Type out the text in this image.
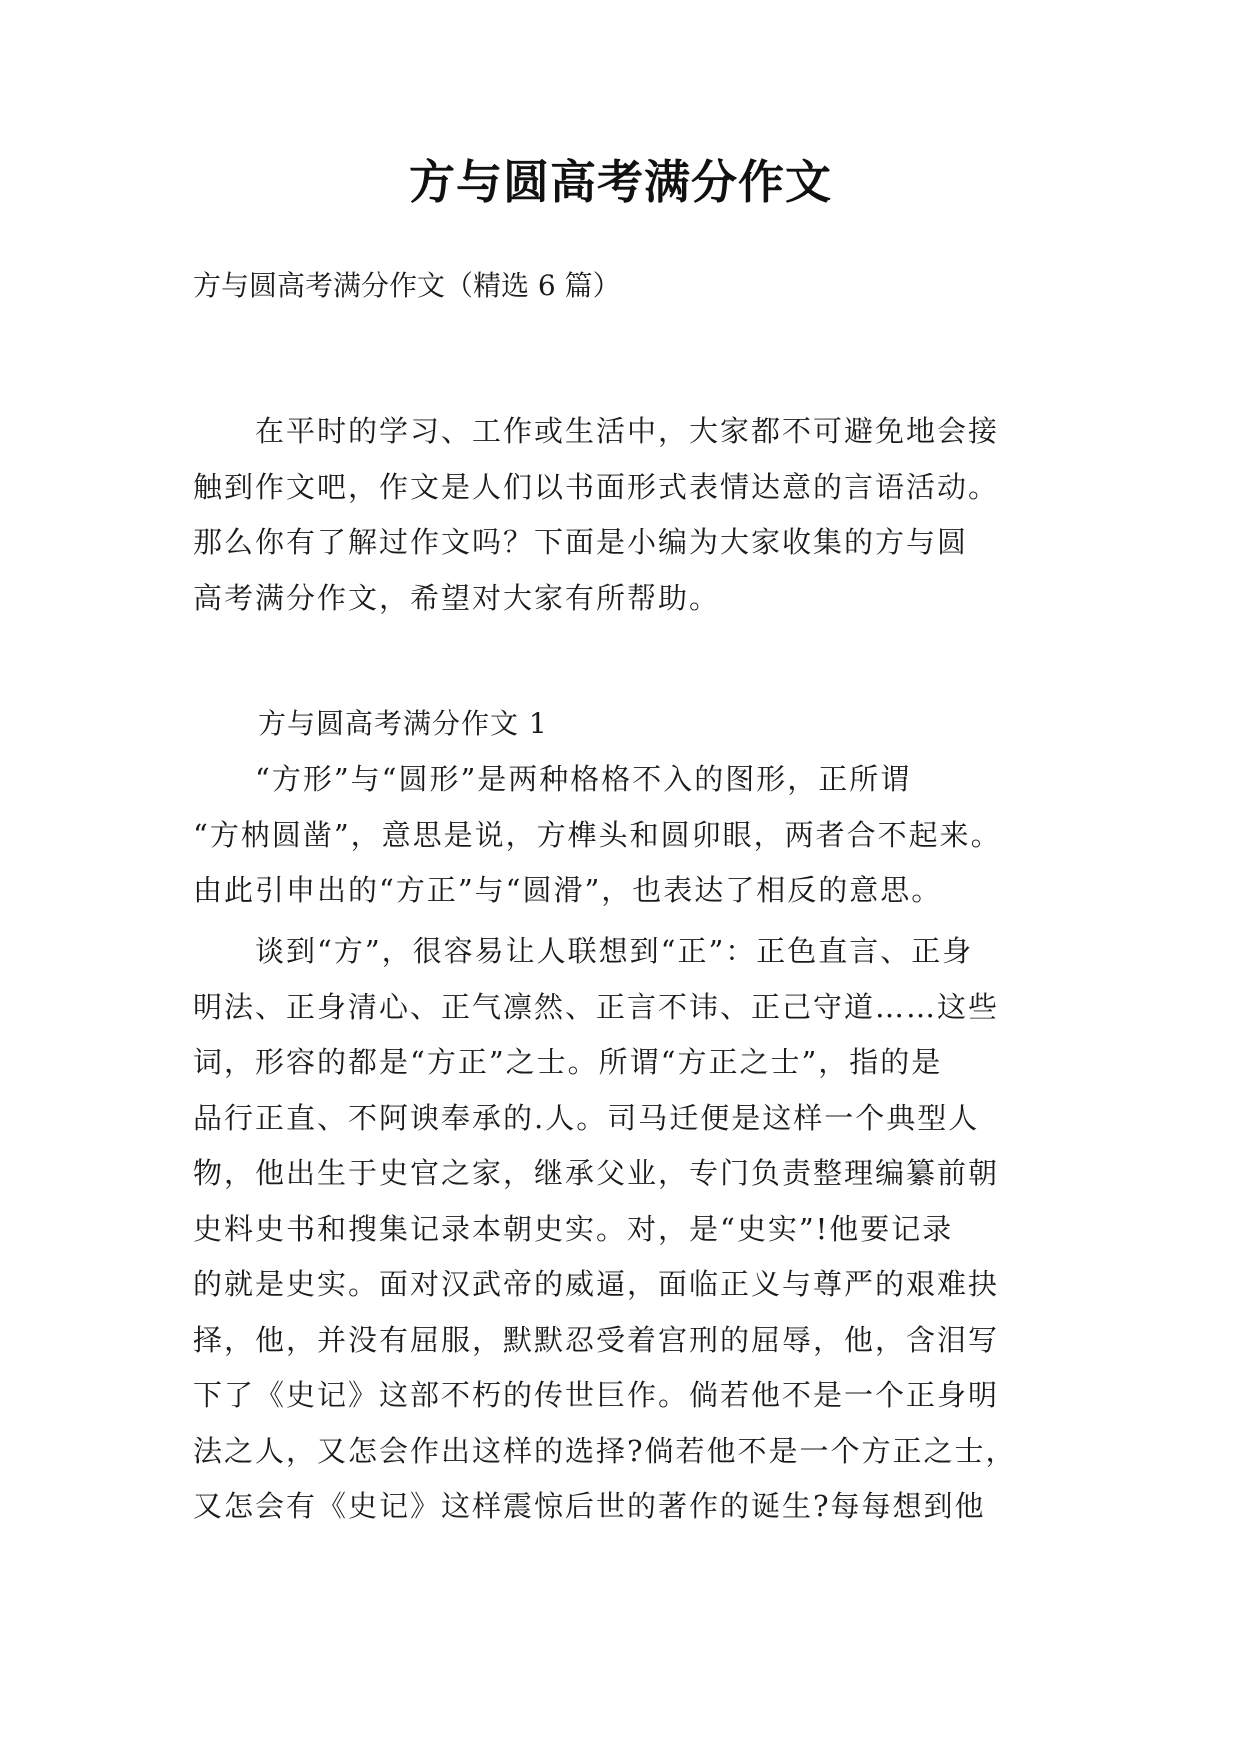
方与圆高考满分作文
方与圆高考满分作文（精选 6 篇）
　　在平时的学习、工作或生活中，大家都不可避免地会接
触到作文吧，作文是人们以书面形式表情达意的言语活动。
那么你有了解过作文吗？下面是小编为大家收集的方与圆
高考满分作文，希望对大家有所帮助。
方与圆高考满分作文 1
　　“方形”与“圆形”是两种格格不入的图形，正所谓
“方枘圆凿”，意思是说，方榫头和圆卯眼，两者合不起来。
由此引申出的“方正”与“圆滑”，也表达了相反的意思。
　　谈到“方”，很容易让人联想到“正”：正色直言、正身
明法、正身清心、正气凛然、正言不讳、正己守道……这些
词，形容的都是“方正”之士。所谓“方正之士”，指的是
品行正直、不阿谀奉承的.人。司马迁便是这样一个典型人
物，他出生于史官之家，继承父业，专门负责整理编纂前朝
史料史书和搜集记录本朝史实。对，是“史实”!他要记录
的就是史实。面对汉武帝的威逼，面临正义与尊严的艰难抉
择，他，并没有屈服，默默忍受着宫刑的屈辱，他，含泪写
下了《史记》这部不朽的传世巨作。倘若他不是一个正身明
法之人，又怎会作出这样的选择?倘若他不是一个方正之士，
又怎会有《史记》这样震惊后世的著作的诞生?每每想到他
